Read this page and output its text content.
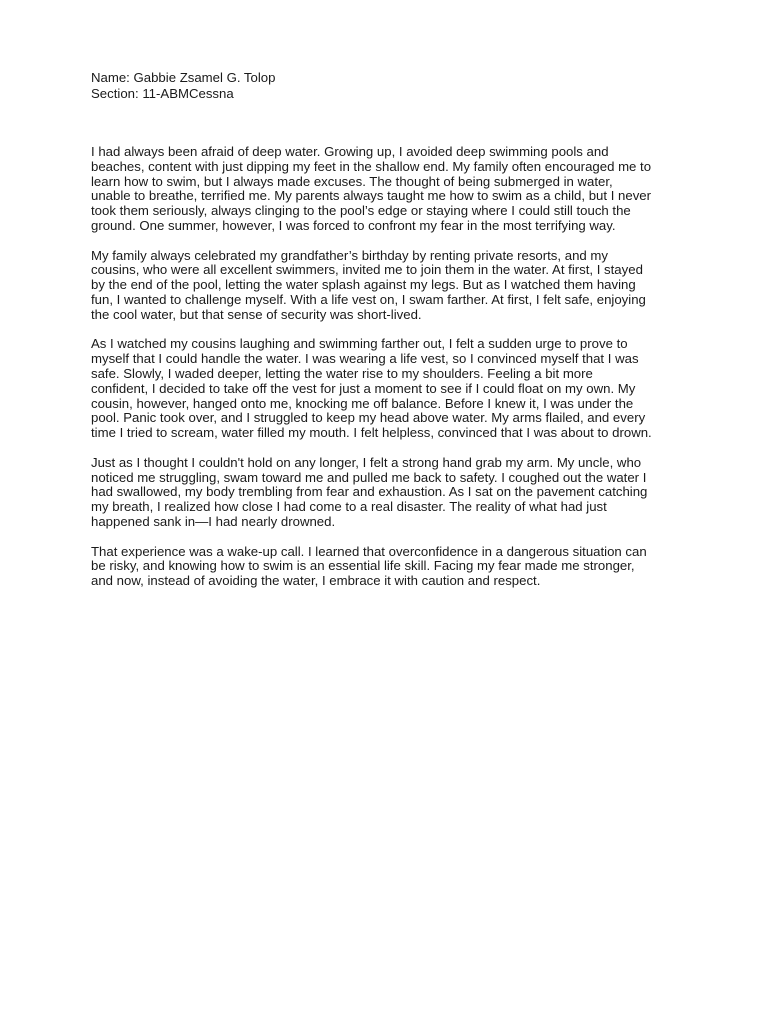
Name: Gabbie Zsamel G. Tolop
Section: 11-ABMCessna
I had always been afraid of deep water. Growing up, I avoided deep swimming pools and
beaches, content with just dipping my feet in the shallow end. My family often encouraged me to
learn how to swim, but I always made excuses. The thought of being submerged in water,
unable to breathe, terrified me. My parents always taught me how to swim as a child, but I never
took them seriously, always clinging to the pool’s edge or staying where I could still touch the
ground. One summer, however, I was forced to confront my fear in the most terrifying way.
My family always celebrated my grandfather’s birthday by renting private resorts, and my
cousins, who were all excellent swimmers, invited me to join them in the water. At first, I stayed
by the end of the pool, letting the water splash against my legs. But as I watched them having
fun, I wanted to challenge myself. With a life vest on, I swam farther. At first, I felt safe, enjoying
the cool water, but that sense of security was short-lived.
As I watched my cousins laughing and swimming farther out, I felt a sudden urge to prove to
myself that I could handle the water. I was wearing a life vest, so I convinced myself that I was
safe. Slowly, I waded deeper, letting the water rise to my shoulders. Feeling a bit more
confident, I decided to take off the vest for just a moment to see if I could float on my own. My
cousin, however, hanged onto me, knocking me off balance. Before I knew it, I was under the
pool. Panic took over, and I struggled to keep my head above water. My arms flailed, and every
time I tried to scream, water filled my mouth. I felt helpless, convinced that I was about to drown.
Just as I thought I couldn't hold on any longer, I felt a strong hand grab my arm. My uncle, who
noticed me struggling, swam toward me and pulled me back to safety. I coughed out the water I
had swallowed, my body trembling from fear and exhaustion. As I sat on the pavement catching
my breath, I realized how close I had come to a real disaster. The reality of what had just
happened sank in—I had nearly drowned.
That experience was a wake-up call. I learned that overconfidence in a dangerous situation can
be risky, and knowing how to swim is an essential life skill. Facing my fear made me stronger,
and now, instead of avoiding the water, I embrace it with caution and respect.
